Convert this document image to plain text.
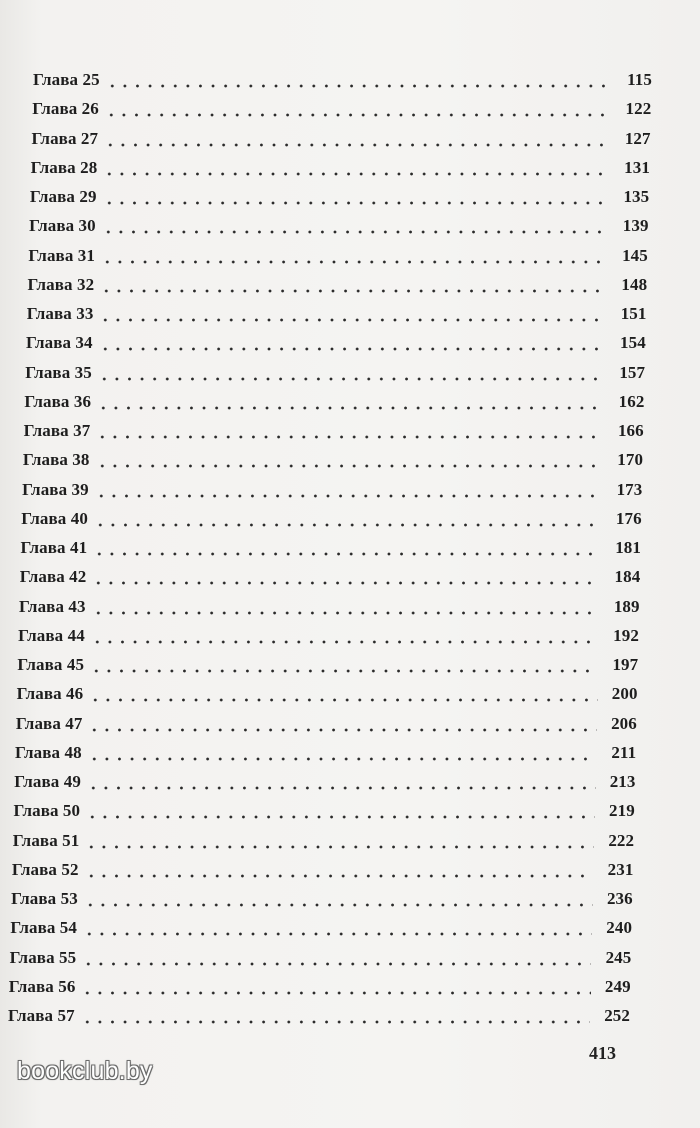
Глава 25	115
Глава 26	122
Глава 27	127
Глава 28	131
Глава 29	135
Глава 30	139
Глава 31	145
Глава 32	148
Глава 33	151
Глава 34	154
Глава 35	157
Глава 36	162
Глава 37	166
Глава 38	170
Глава 39	173
Глава 40	176
Глава 41	181
Глава 42	184
Глава 43	189
Глава 44	192
Глава 45	197
Глава 46	200
Глава 47	206
Глава 48	211
Глава 49	213
Глава 50	219
Глава 51	222
Глава 52	231
Глава 53	236
Глава 54	240
Глава 55	245
Глава 56	249
Глава 57	252
413
bookclub.by
